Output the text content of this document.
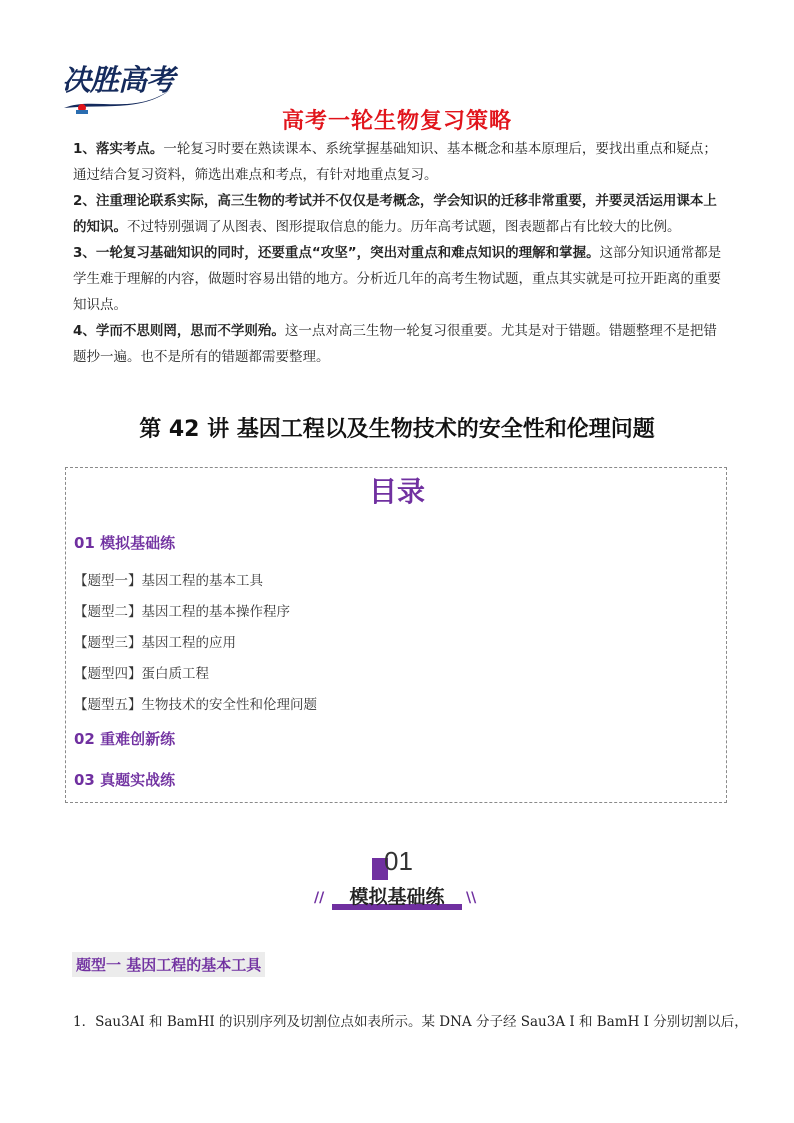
决胜高考
高考一轮生物复习策略

1、落实考点。一轮复习时要在熟读课本、系统掌握基础知识、基本概念和基本原理后，要找出重点和疑点；通过结合复习资料，筛选出难点和考点，有针对地重点复习。

2、注重理论联系实际，高三生物的考试并不仅仅是考概念，学会知识的迁移非常重要，并要灵活运用课本上的知识。不过特别强调了从图表、图形提取信息的能力。历年高考试题，图表题都占有比较大的比例。

3、一轮复习基础知识的同时，还要重点“攻坚”，突出对重点和难点知识的理解和掌握。这部分知识通常都是学生难于理解的内容，做题时容易出错的地方。分析近几年的高考生物试题，重点其实就是可拉开距离的重要知识点。

4、学而不思则罔，思而不学则殆。这一点对高三生物一轮复习很重要。尤其是对于错题。错题整理不是把错题抄一遍。也不是所有的错题都需要整理。

第 42 讲 基因工程以及生物技术的安全性和伦理问题
目录
01 模拟基础练
【题型一】基因工程的基本工具
【题型二】基因工程的基本操作程序
【题型三】基因工程的应用
【题型四】蛋白质工程
【题型五】生物技术的安全性和伦理问题
02 重难创新练
03 真题实战练
01
//	模拟基础练	\\
题型一 基因工程的基本工具
1．Sau3AI 和 BamHI 的识别序列及切割位点如表所示。某 DNA 分子经 Sau3A I 和 BamH I 分别切割以后，
